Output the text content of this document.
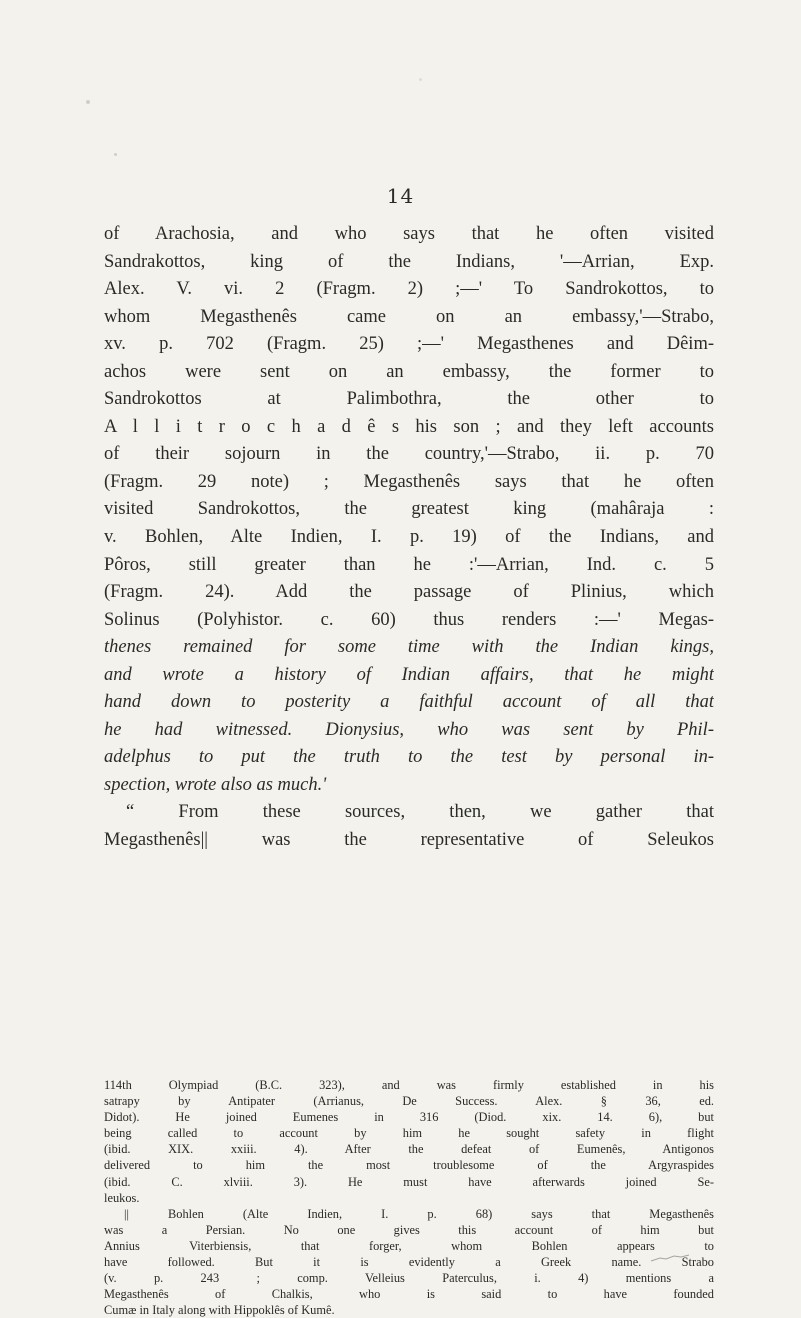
14
of Arachosia, and who says that he often visited
Sandrakottos, king of the Indians, '—Arrian, Exp.
Alex. V. vi. 2 (Fragm. 2) ;—' To Sandrokottos, to
whom Megasthenês came on an embassy,'—Strabo,
xv. p. 702 (Fragm. 25) ;—' Megasthenes and Dêim-
achos were sent on an embassy, the former to
Sandrokottos at Palimbothra, the other to
A l l i t r o c h a d ê s his son ; and they left accounts
of their sojourn in the country,'—Strabo, ii. p. 70
(Fragm. 29 note) ; Megasthenês says that he often
visited Sandrokottos, the greatest king (mahâraja :
v. Bohlen, Alte Indien, I. p. 19) of the Indians, and
Pôros, still greater than he :'—Arrian, Ind. c. 5
(Fragm. 24). Add the passage of Plinius, which
Solinus (Polyhistor. c. 60) thus renders :—' Megas-
thenes remained for some time with the Indian kings,
and wrote a history of Indian affairs, that he might
hand down to posterity a faithful account of all that
he had witnessed. Dionysius, who was sent by Phil-
adelphus to put the truth to the test by personal in-
spection, wrote also as much.'
“ From these sources, then, we gather that
Megasthenês|| was the representative of Seleukos
114th Olympiad (B.C. 323), and was firmly established in his
satrapy by Antipater (Arrianus, De Success. Alex. § 36, ed.
Didot). He joined Eumenes in 316 (Diod. xix. 14. 6), but
being called to account by him he sought safety in flight
(ibid. XIX. xxiii. 4). After the defeat of Eumenês, Antigonos
delivered to him the most troublesome of the Argyraspides
(ibid. C. xlviii. 3). He must have afterwards joined Se-
leukos.
|| Bohlen (Alte Indien, I. p. 68) says that Megasthenês
was a Persian. No one gives this account of him but
Annius Viterbiensis, that forger, whom Bohlen appears to
have followed. But it is evidently a Greek name. Strabo
(v. p. 243 ; comp. Velleius Paterculus, i. 4) mentions a
Megasthenês of Chalkis, who is said to have founded
Cumæ in Italy along with Hippoklês of Kumê.
